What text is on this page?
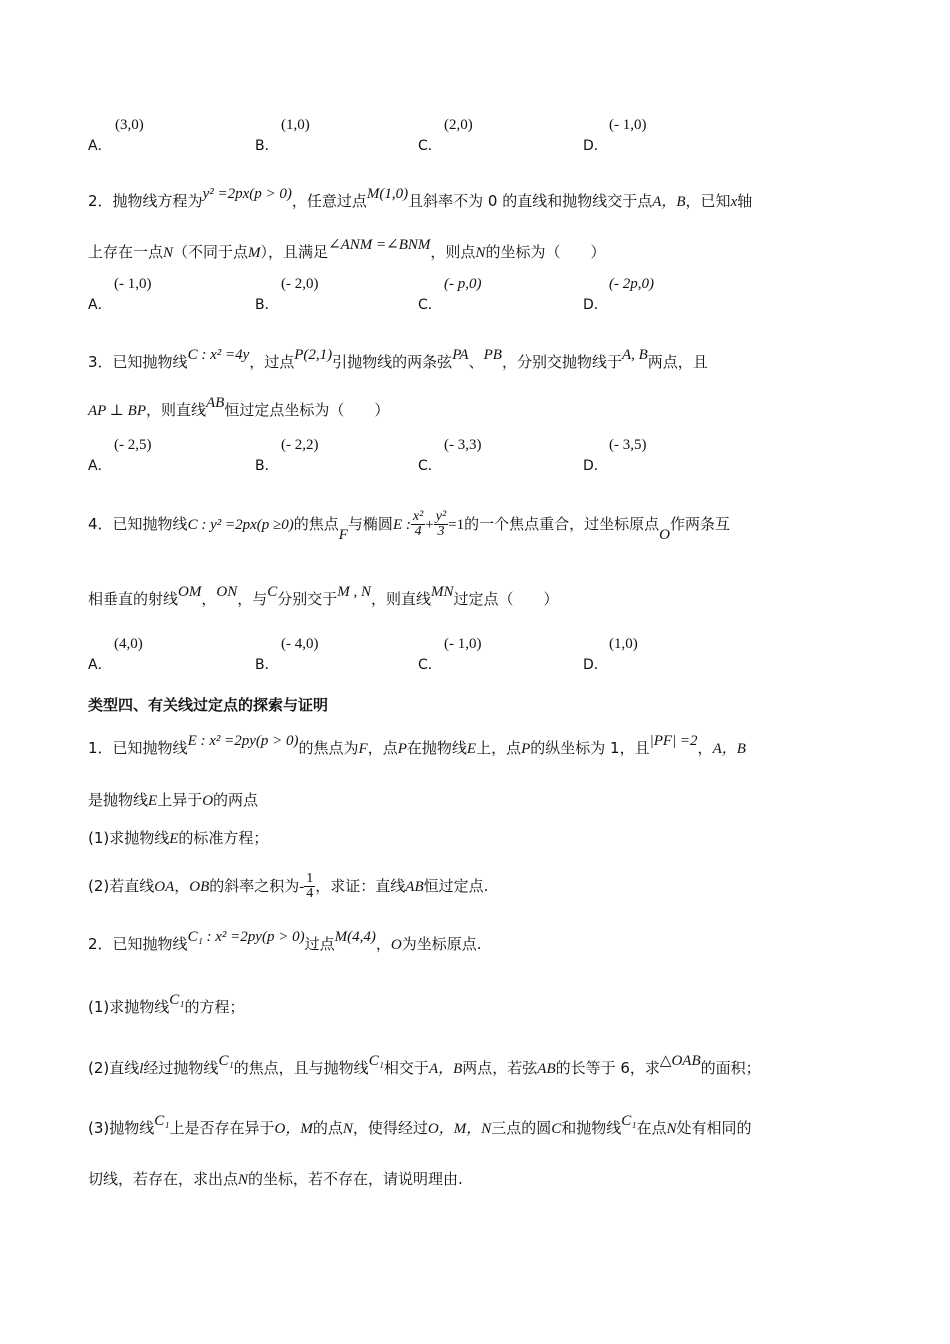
A．
(3,0)
B．
(1,0)
C．
(2,0)
D．
(- 1,0)
2．抛物线方程为y² =2px(p > 0)，任意过点M(1,0)且斜率不为 0 的直线和抛物线交于点A，B，已知x轴
上存在一点N（不同于点M），且满足∠ANM =∠BNM，则点N的坐标为（　　）
A．
(- 1,0)
B．
(- 2,0)
C．
(- p,0)
D．
(- 2p,0)
3．已知抛物线C : x² =4y，过点P(2,1)引抛物线的两条弦PA、PB，分别交抛物线于A, B两点，且
AP ⊥ BP，则直线AB恒过定点坐标为（　　）
A．
(- 2,5)
B．
(- 2,2)
C．
(- 3,3)
D．
(- 3,5)
4．已知抛物线C : y² =2px(p ≥0)的焦点F与椭圆E : $\frac{\text{x²}}{4} + \frac{\text{y²}}{3} =1$的一个焦点重合，过坐标原点O作两条互
相垂直的射线OM，ON，与C分别交于M , N，则直线MN过定点（　　）
A．
(4,0)
B．
(- 4,0)
C．
(- 1,0)
D．
(1,0)
类型四、有关线过定点的探索与证明
1．已知抛物线E : x² =2py(p > 0)的焦点为F，点P在抛物线E上，点P的纵坐标为 1，且|PF| =2，A，B
是抛物线E上异于O的两点
(1)求抛物线E的标准方程；
(2)若直线OA，OB的斜率之积为- $\frac{1}{4}$ ，求证：直线AB恒过定点.
2．已知抛物线C₁ : x² =2py(p > 0)过点M(4,4)，O为坐标原点.
(1)求抛物线C₁的方程；
(2)直线l经过抛物线C₁的焦点，且与抛物线C₁相交于A，B两点，若弦AB的长等于 6，求△OAB的面积；
(3)抛物线C₁上是否存在异于O，M的点N，使得经过O，M，N三点的圆C和抛物线C₁在点N处有相同的
切线，若存在，求出点N的坐标，若不存在，请说明理由.
